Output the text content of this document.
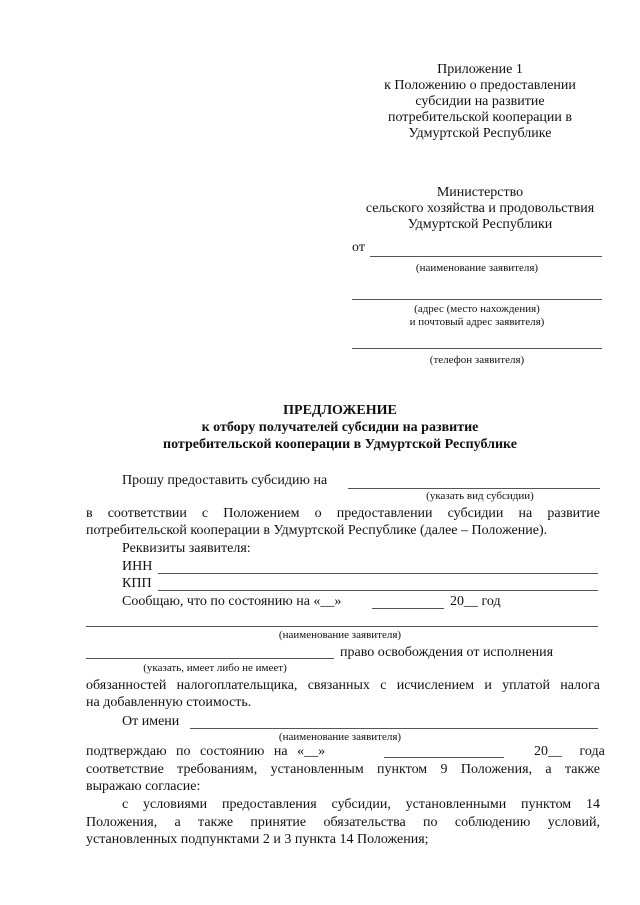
Приложение 1
к Положению о предоставлении
субсидии на развитие
потребительской кооперации в
Удмуртской Республике
Министерство
сельского хозяйства и продовольствия
Удмуртской Республики
от
(наименование заявителя)
(адрес (место нахождения)
и почтовый адрес заявителя)
(телефон заявителя)
ПРЕДЛОЖЕНИЕ
к отбору получателей субсидии на развитие
потребительской кооперации в Удмуртской Республике
Прошу предоставить субсидию на
(указать вид субсидии)
в соответствии с Положением о предоставлении субсидии на развитие
потребительской кооперации в Удмуртской Республике (далее – Положение).
Реквизиты заявителя:
ИНН
КПП
Сообщаю, что по состоянию на «__»	20__ год
(наименование заявителя)
право освобождения от исполнения
(указать, имеет либо не имеет)
обязанностей налогоплательщика, связанных с исчислением и уплатой налога
на добавленную стоимость.
От имени
(наименование заявителя)
подтверждаю по состоянию на «__»	20__ года
соответствие требованиям, установленным пунктом 9 Положения, а также
выражаю согласие:
с условиями предоставления субсидии, установленными пунктом 14
Положения, а также принятие обязательства по соблюдению условий,
установленных подпунктами 2 и 3 пункта 14 Положения;
